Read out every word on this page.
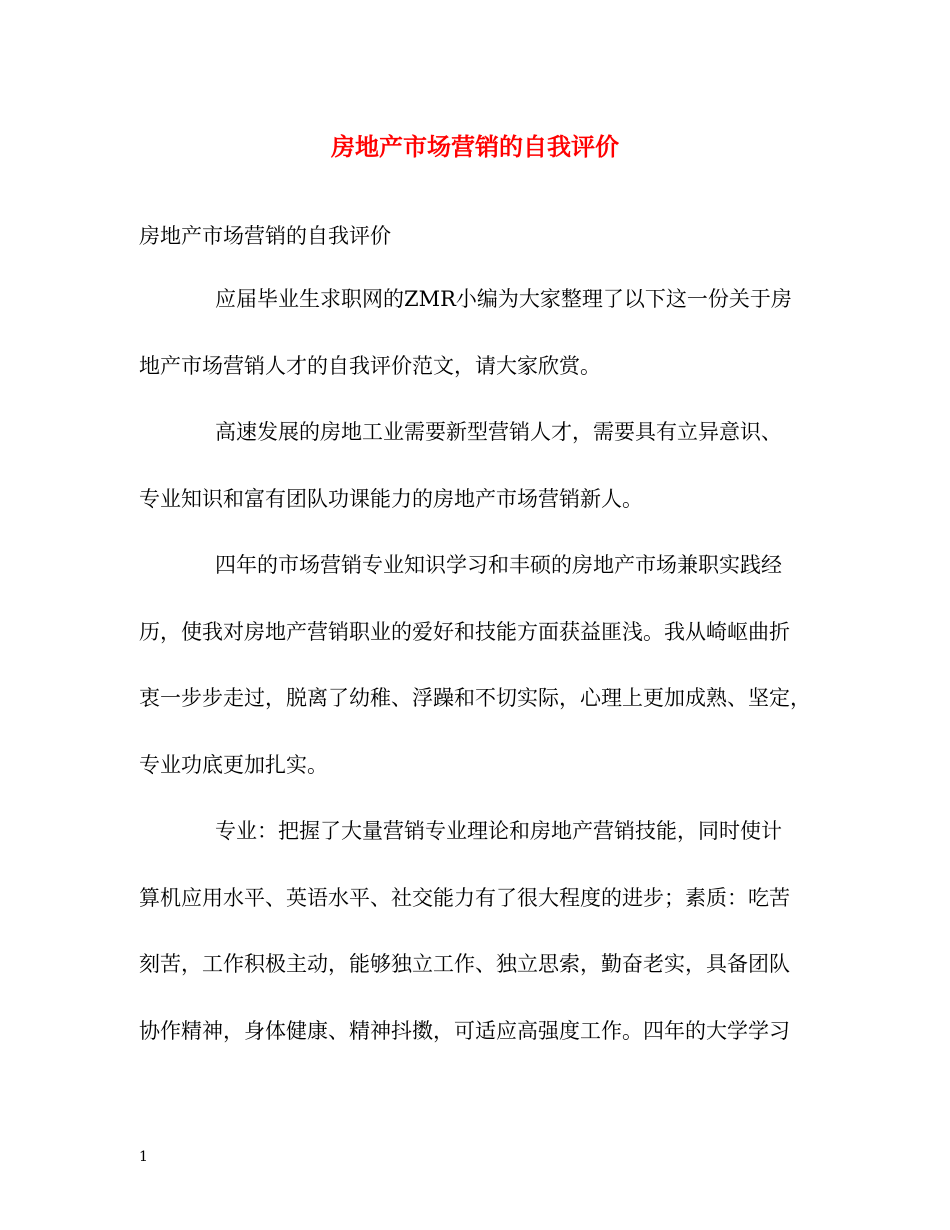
房地产市场营销的自我评价
房地产市场营销的自我评价
应届毕业生求职网的ZMR小编为大家整理了以下这一份关于房
地产市场营销人才的自我评价范文，请大家欣赏。
高速发展的房地工业需要新型营销人才，需要具有立异意识、
专业知识和富有团队功课能力的房地产市场营销新人。
四年的市场营销专业知识学习和丰硕的房地产市场兼职实践经
历，使我对房地产营销职业的爱好和技能方面获益匪浅。我从崎岖曲折
衷一步步走过，脱离了幼稚、浮躁和不切实际，心理上更加成熟、坚定，
专业功底更加扎实。
专业：把握了大量营销专业理论和房地产营销技能，同时使计
算机应用水平、英语水平、社交能力有了很大程度的进步；素质：吃苦
刻苦，工作积极主动，能够独立工作、独立思索，勤奋老实，具备团队
协作精神，身体健康、精神抖擞，可适应高强度工作。四年的大学学习
1
